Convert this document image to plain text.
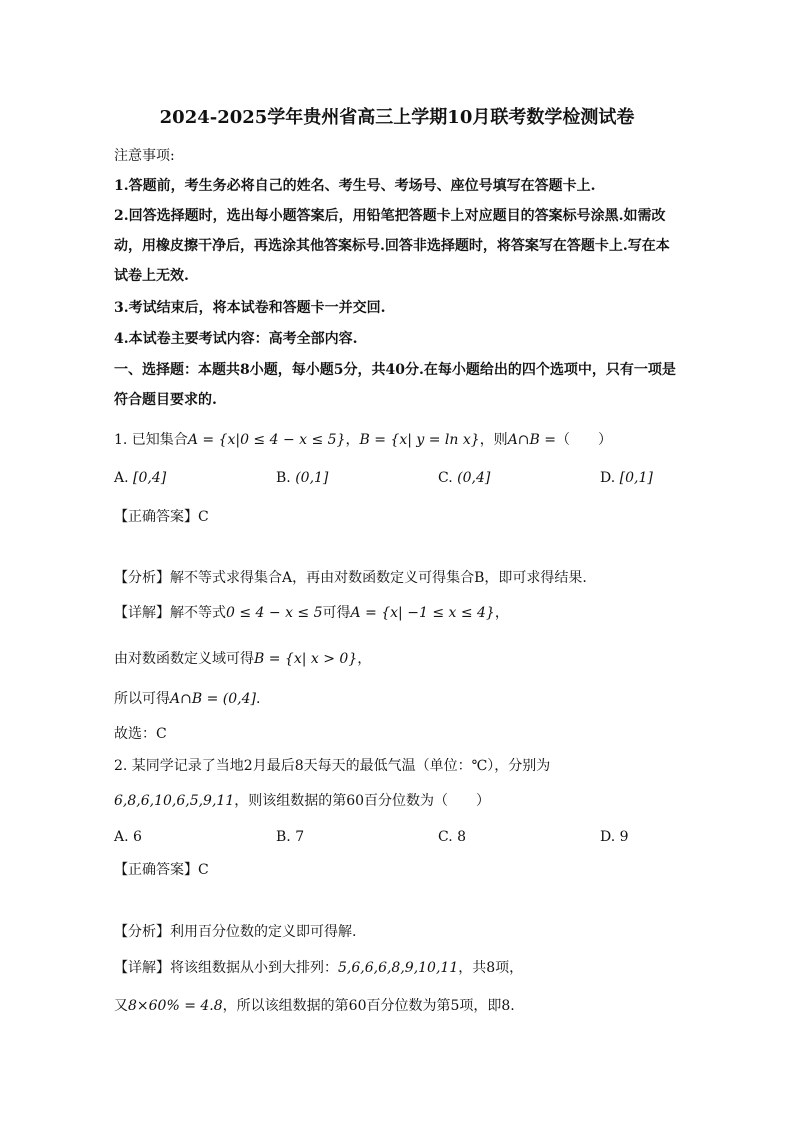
2024-2025学年贵州省高三上学期10月联考数学检测试卷
注意事项:
1.答题前，考生务必将自己的姓名、考生号、考场号、座位号填写在答题卡上.
2.回答选择题时，选出每小题答案后，用铅笔把答题卡上对应题目的答案标号涂黑.如需改
动，用橡皮擦干净后，再选涂其他答案标号.回答非选择题时，将答案写在答题卡上.写在本
试卷上无效.
3.考试结束后，将本试卷和答题卡一并交回.
4.本试卷主要考试内容：高考全部内容.
一、选择题：本题共8小题，每小题5分，共40分.在每小题给出的四个选项中，只有一项是
符合题目要求的.
1. 已知集合A = {x|0 ≤ 4 − x ≤ 5}，B = {x| y = ln x}，则A∩B =（　　）
A. [0,4]	B. (0,1]	C. (0,4]	D. [0,1]
【正确答案】C
【分析】解不等式求得集合A，再由对数函数定义可得集合B，即可求得结果.
【详解】解不等式0 ≤ 4 − x ≤ 5可得A = {x| −1 ≤ x ≤ 4}，
由对数函数定义域可得B = {x| x > 0}，
所以可得A∩B = (0,4].
故选：C
2. 某同学记录了当地2月最后8天每天的最低气温（单位：℃），分别为
6,8,6,10,6,5,9,11，则该组数据的第60百分位数为（　　）
A. 6	B. 7	C. 8	D. 9
【正确答案】C
【分析】利用百分位数的定义即可得解.
【详解】将该组数据从小到大排列：5,6,6,6,8,9,10,11，共8项，
又8×60% = 4.8，所以该组数据的第60百分位数为第5项，即8.
